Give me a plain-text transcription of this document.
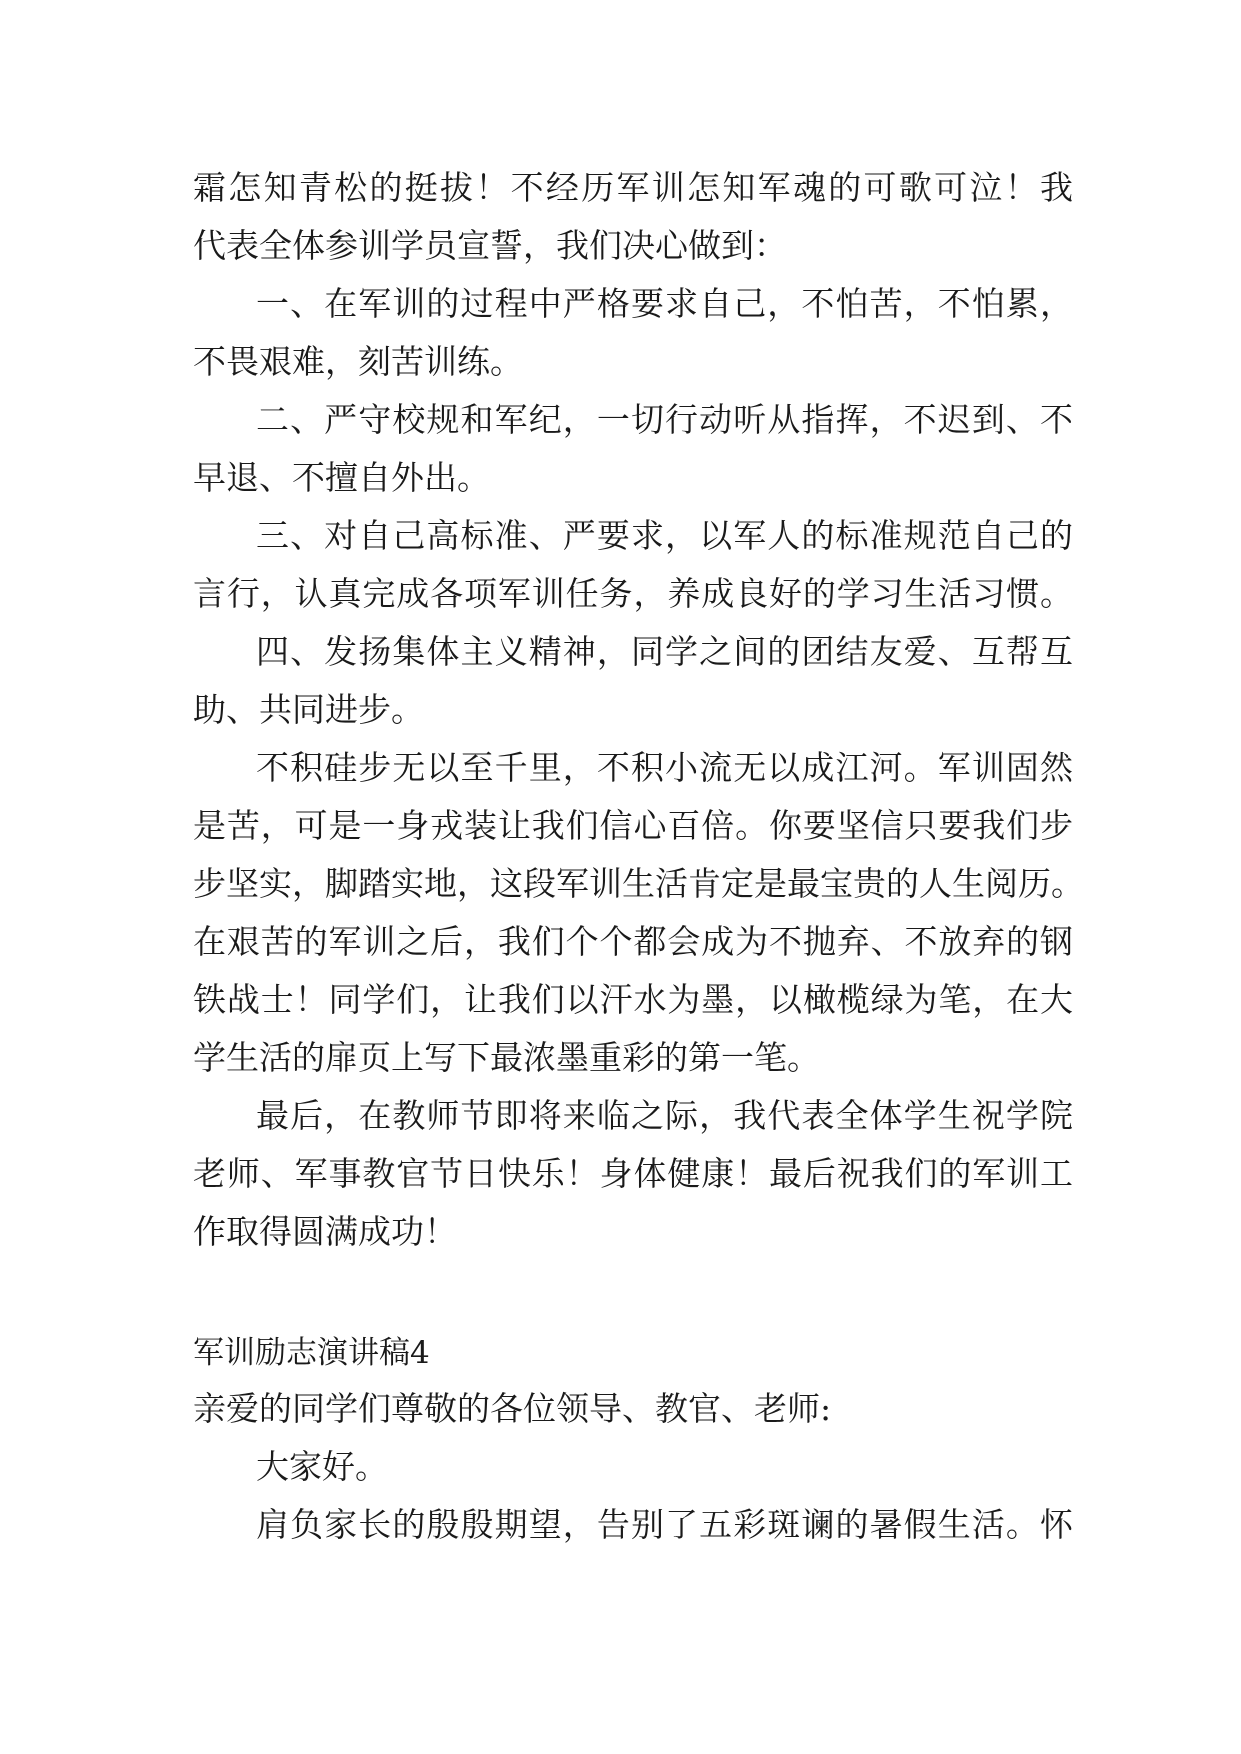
霜怎知青松的挺拔！不经历军训怎知军魂的可歌可泣！我
代表全体参训学员宣誓，我们决心做到：
一、在军训的过程中严格要求自己，不怕苦，不怕累，
不畏艰难，刻苦训练。
二、严守校规和军纪，一切行动听从指挥，不迟到、不
早退、不擅自外出。
三、对自己高标准、严要求，以军人的标准规范自己的
言行，认真完成各项军训任务，养成良好的学习生活习惯。
四、发扬集体主义精神，同学之间的团结友爱、互帮互
助、共同进步。
不积硅步无以至千里，不积小流无以成江河。军训固然
是苦，可是一身戎装让我们信心百倍。你要坚信只要我们步
步坚实，脚踏实地，这段军训生活肯定是最宝贵的人生阅历。
在艰苦的军训之后，我们个个都会成为不抛弃、不放弃的钢
铁战士！同学们，让我们以汗水为墨，以橄榄绿为笔，在大
学生活的扉页上写下最浓墨重彩的第一笔。
最后，在教师节即将来临之际，我代表全体学生祝学院
老师、军事教官节日快乐！身体健康！最后祝我们的军训工
作取得圆满成功！
军训励志演讲稿4
亲爱的同学们尊敬的各位领导、教官、老师:
大家好。
肩负家长的殷殷期望，告别了五彩斑谰的暑假生活。怀
